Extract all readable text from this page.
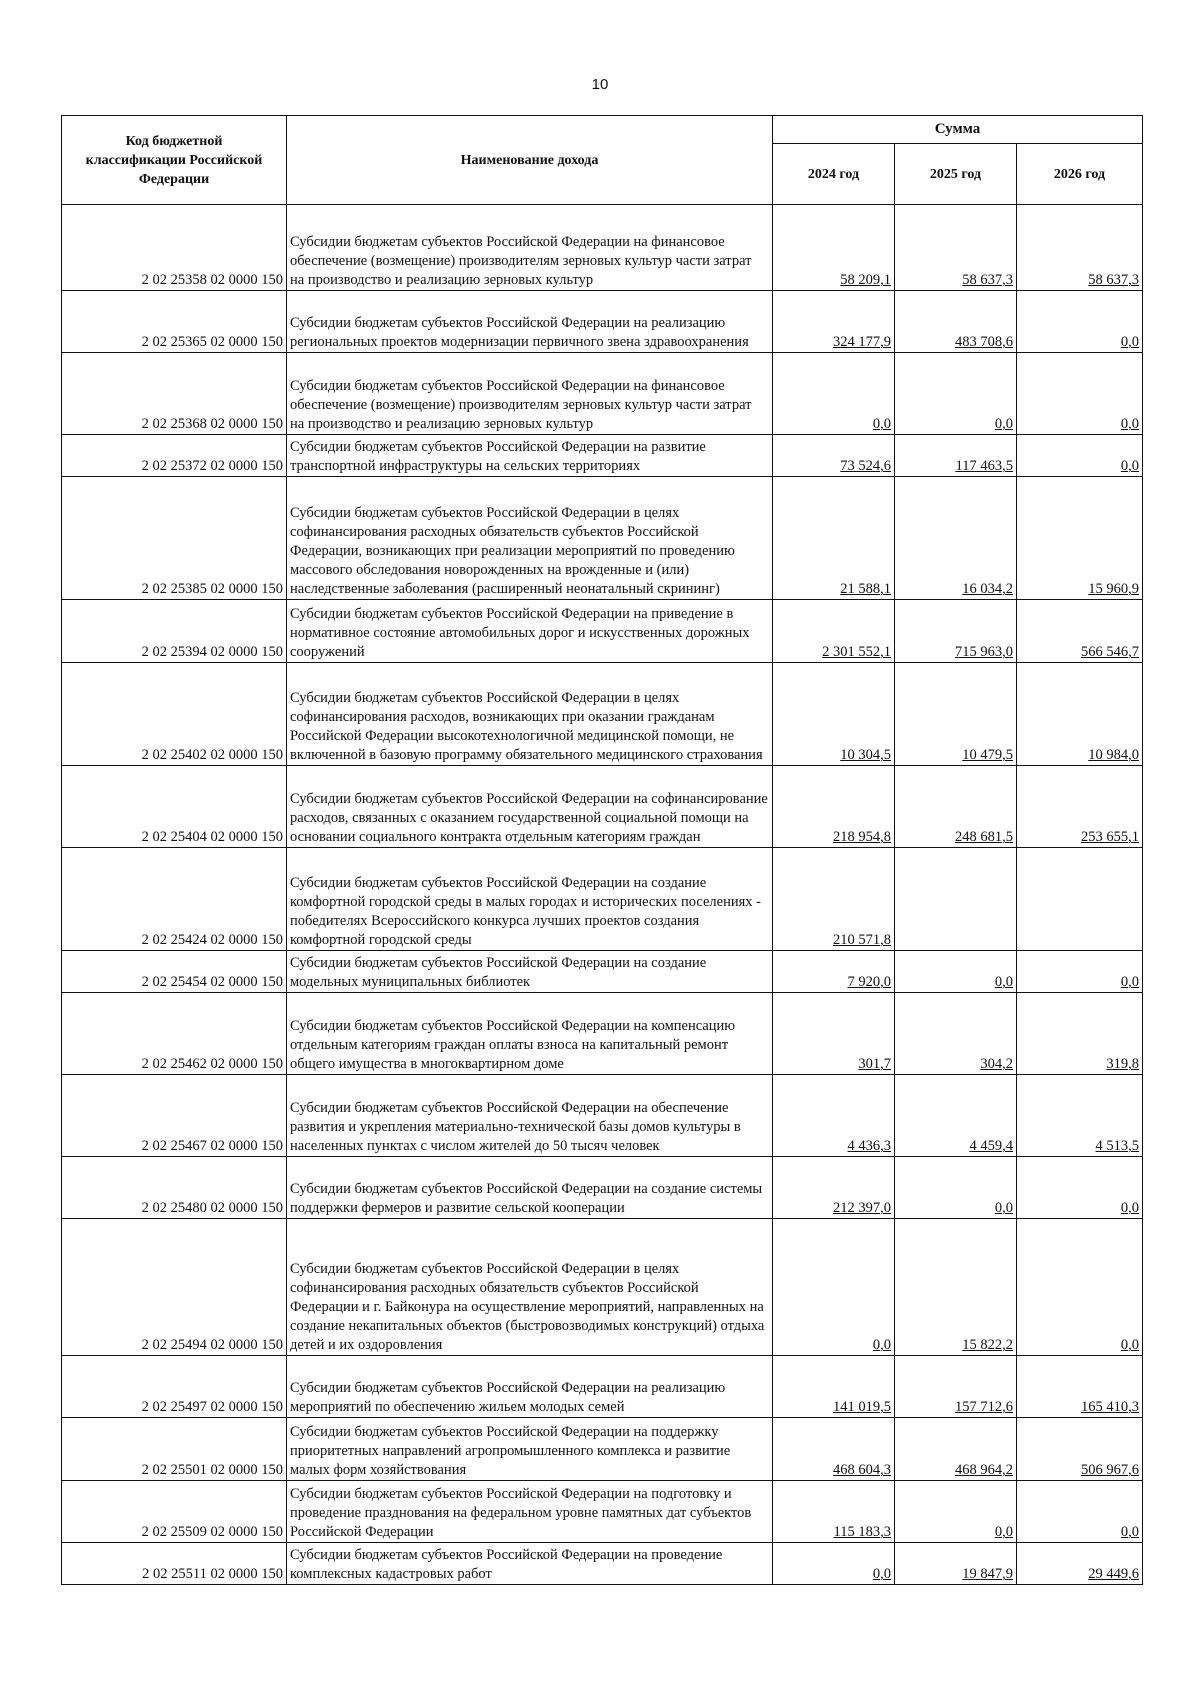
10
Код бюджетной классификации Российской Федерации	Наименование дохода	Сумма		
		2024 год	2025 год	2026 год
2 02 25358 02 0000 150	Субсидии бюджетам субъектов Российской Федерации на финансовое обеспечение (возмещение) производителям зерновых культур части затрат на производство и реализацию зерновых культур	58 209,1	58 637,3	58 637,3
2 02 25365 02 0000 150	Субсидии бюджетам субъектов Российской Федерации на реализацию региональных проектов модернизации первичного звена здравоохранения	324 177,9	483 708,6	0,0
2 02 25368 02 0000 150	Субсидии бюджетам субъектов Российской Федерации на финансовое обеспечение (возмещение) производителям зерновых культур части затрат на производство и реализацию зерновых культур	0,0	0,0	0,0
2 02 25372 02 0000 150	Субсидии бюджетам субъектов Российской Федерации на развитие транспортной инфраструктуры на сельских территориях	73 524,6	117 463,5	0,0
2 02 25385 02 0000 150	Субсидии бюджетам субъектов Российской Федерации в целях софинансирования расходных обязательств субъектов Российской Федерации, возникающих при реализации мероприятий по проведению массового обследования новорожденных на врожденные и (или) наследственные заболевания (расширенный неонатальный скрининг)	21 588,1	16 034,2	15 960,9
2 02 25394 02 0000 150	Субсидии бюджетам субъектов Российской Федерации на приведение в нормативное состояние автомобильных дорог и искусственных дорожных сооружений	2 301 552,1	715 963,0	566 546,7
2 02 25402 02 0000 150	Субсидии бюджетам субъектов Российской Федерации в целях софинансирования расходов, возникающих при оказании гражданам Российской Федерации высокотехнологичной медицинской помощи, не включенной в базовую программу обязательного медицинского страхования	10 304,5	10 479,5	10 984,0
2 02 25404 02 0000 150	Субсидии бюджетам субъектов Российской Федерации на софинансирование расходов, связанных с оказанием государственной социальной помощи на основании социального контракта отдельным категориям граждан	218 954,8	248 681,5	253 655,1
2 02 25424 02 0000 150	Субсидии бюджетам субъектов Российской Федерации на создание комфортной городской среды в малых городах и исторических поселениях - победителях Всероссийского конкурса лучших проектов создания комфортной городской среды	210 571,8		
2 02 25454 02 0000 150	Субсидии бюджетам субъектов Российской Федерации на создание модельных муниципальных библиотек	7 920,0	0,0	0,0
2 02 25462 02 0000 150	Субсидии бюджетам субъектов Российской Федерации на компенсацию отдельным категориям граждан оплаты взноса на капитальный ремонт общего имущества в многоквартирном доме	301,7	304,2	319,8
2 02 25467 02 0000 150	Субсидии бюджетам субъектов Российской Федерации на обеспечение развития и укрепления материально-технической базы домов культуры в населенных пунктах с числом жителей до 50 тысяч человек	4 436,3	4 459,4	4 513,5
2 02 25480 02 0000 150	Субсидии бюджетам субъектов Российской Федерации на создание системы поддержки фермеров и развитие сельской кооперации	212 397,0	0,0	0,0
2 02 25494 02 0000 150	Субсидии бюджетам субъектов Российской Федерации в целях софинансирования расходных обязательств субъектов Российской Федерации и г. Байконура на осуществление мероприятий, направленных на создание некапитальных объектов (быстровозводимых конструкций) отдыха детей и их оздоровления	0,0	15 822,2	0,0
2 02 25497 02 0000 150	Субсидии бюджетам субъектов Российской Федерации на реализацию мероприятий по обеспечению жильем молодых семей	141 019,5	157 712,6	165 410,3
2 02 25501 02 0000 150	Субсидии бюджетам субъектов Российской Федерации на поддержку приоритетных направлений агропромышленного комплекса и развитие малых форм хозяйствования	468 604,3	468 964,2	506 967,6
2 02 25509 02 0000 150	Субсидии бюджетам субъектов Российской Федерации на подготовку и проведение празднования на федеральном уровне памятных дат субъектов Российской Федерации	115 183,3	0,0	0,0
2 02 25511 02 0000 150	Субсидии бюджетам субъектов Российской Федерации на проведение комплексных кадастровых работ	0,0	19 847,9	29 449,6
